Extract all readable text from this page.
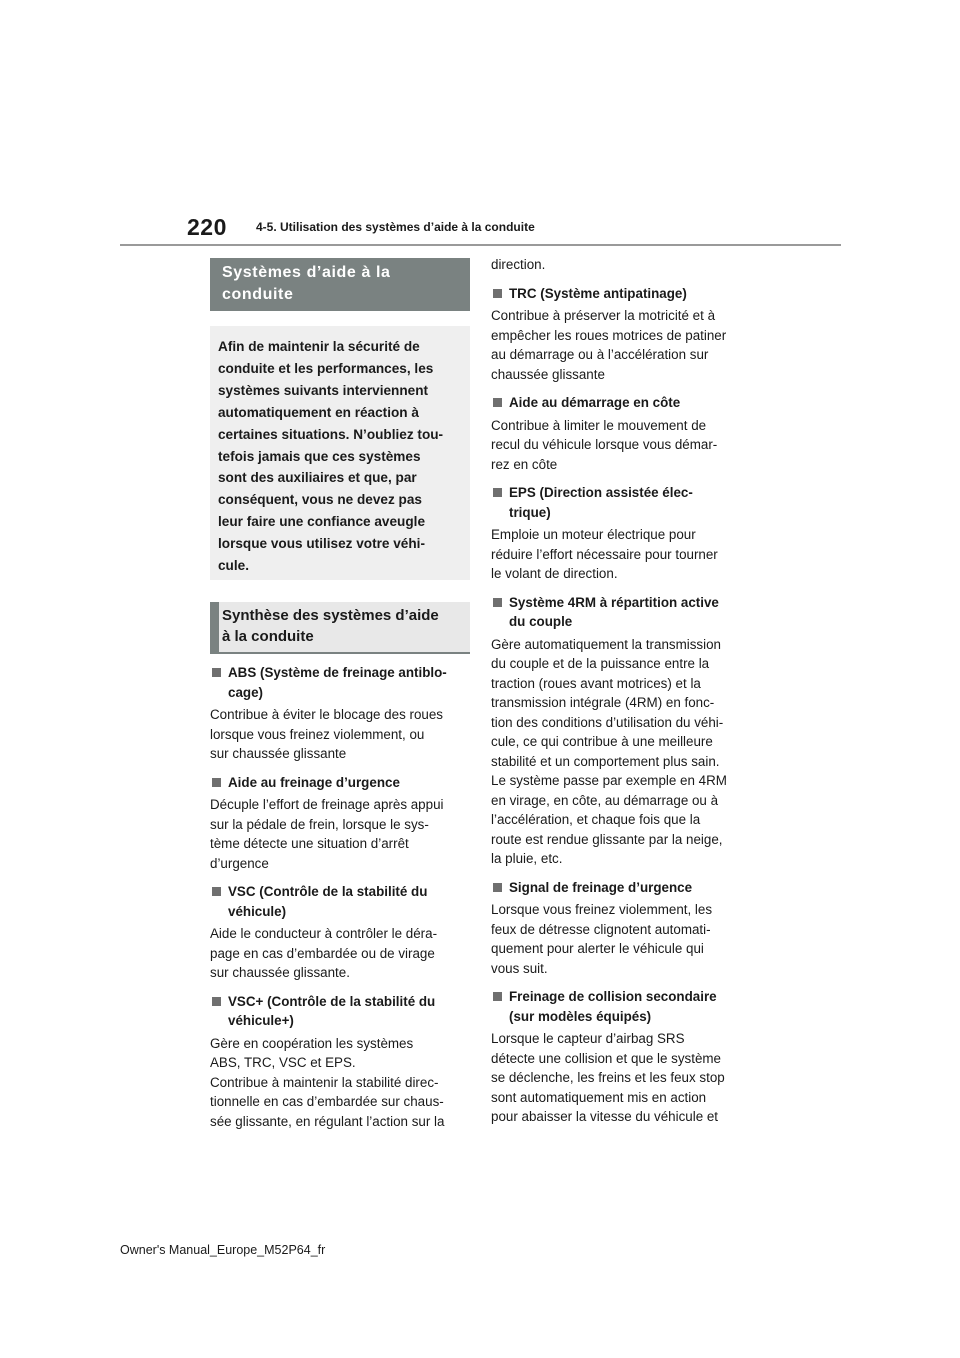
220 4-5. Utilisation des systèmes d’aide à la conduite
Systèmes d’aide à la
conduite
Afin de maintenir la sécurité de
conduite et les performances, les
systèmes suivants interviennent
automatiquement en réaction à
certaines situations. N’oubliez tou-
tefois jamais que ces systèmes
sont des auxiliaires et que, par
conséquent, vous ne devez pas
leur faire une confiance aveugle
lorsque vous utilisez votre véhi-
cule.
Synthèse des systèmes d’aide
à la conduite
ABS (Système de freinage antiblo-
cage)
Contribue à éviter le blocage des roues
lorsque vous freinez violemment, ou
sur chaussée glissante
Aide au freinage d’urgence
Décuple l’effort de freinage après appui
sur la pédale de frein, lorsque le sys-
tème détecte une situation d’arrêt
d’urgence
VSC (Contrôle de la stabilité du
véhicule)
Aide le conducteur à contrôler le déra-
page en cas d’embardée ou de virage
sur chaussée glissante.
VSC+ (Contrôle de la stabilité du
véhicule+)
Gère en coopération les systèmes
ABS, TRC, VSC et EPS.
Contribue à maintenir la stabilité direc-
tionnelle en cas d’embardée sur chaus-
sée glissante, en régulant l’action sur la
direction.
TRC (Système antipatinage)
Contribue à préserver la motricité et à
empêcher les roues motrices de patiner
au démarrage ou à l’accélération sur
chaussée glissante
Aide au démarrage en côte
Contribue à limiter le mouvement de
recul du véhicule lorsque vous démar-
rez en côte
EPS (Direction assistée élec-
trique)
Emploie un moteur électrique pour
réduire l’effort nécessaire pour tourner
le volant de direction.
Système 4RM à répartition active
du couple
Gère automatiquement la transmission
du couple et de la puissance entre la
traction (roues avant motrices) et la
transmission intégrale (4RM) en fonc-
tion des conditions d’utilisation du véhi-
cule, ce qui contribue à une meilleure
stabilité et un comportement plus sain.
Le système passe par exemple en 4RM
en virage, en côte, au démarrage ou à
l’accélération, et chaque fois que la
route est rendue glissante par la neige,
la pluie, etc.
Signal de freinage d’urgence
Lorsque vous freinez violemment, les
feux de détresse clignotent automati-
quement pour alerter le véhicule qui
vous suit.
Freinage de collision secondaire
(sur modèles équipés)
Lorsque le capteur d’airbag SRS
détecte une collision et que le système
se déclenche, les freins et les feux stop
sont automatiquement mis en action
pour abaisser la vitesse du véhicule et
Owner's Manual_Europe_M52P64_fr
